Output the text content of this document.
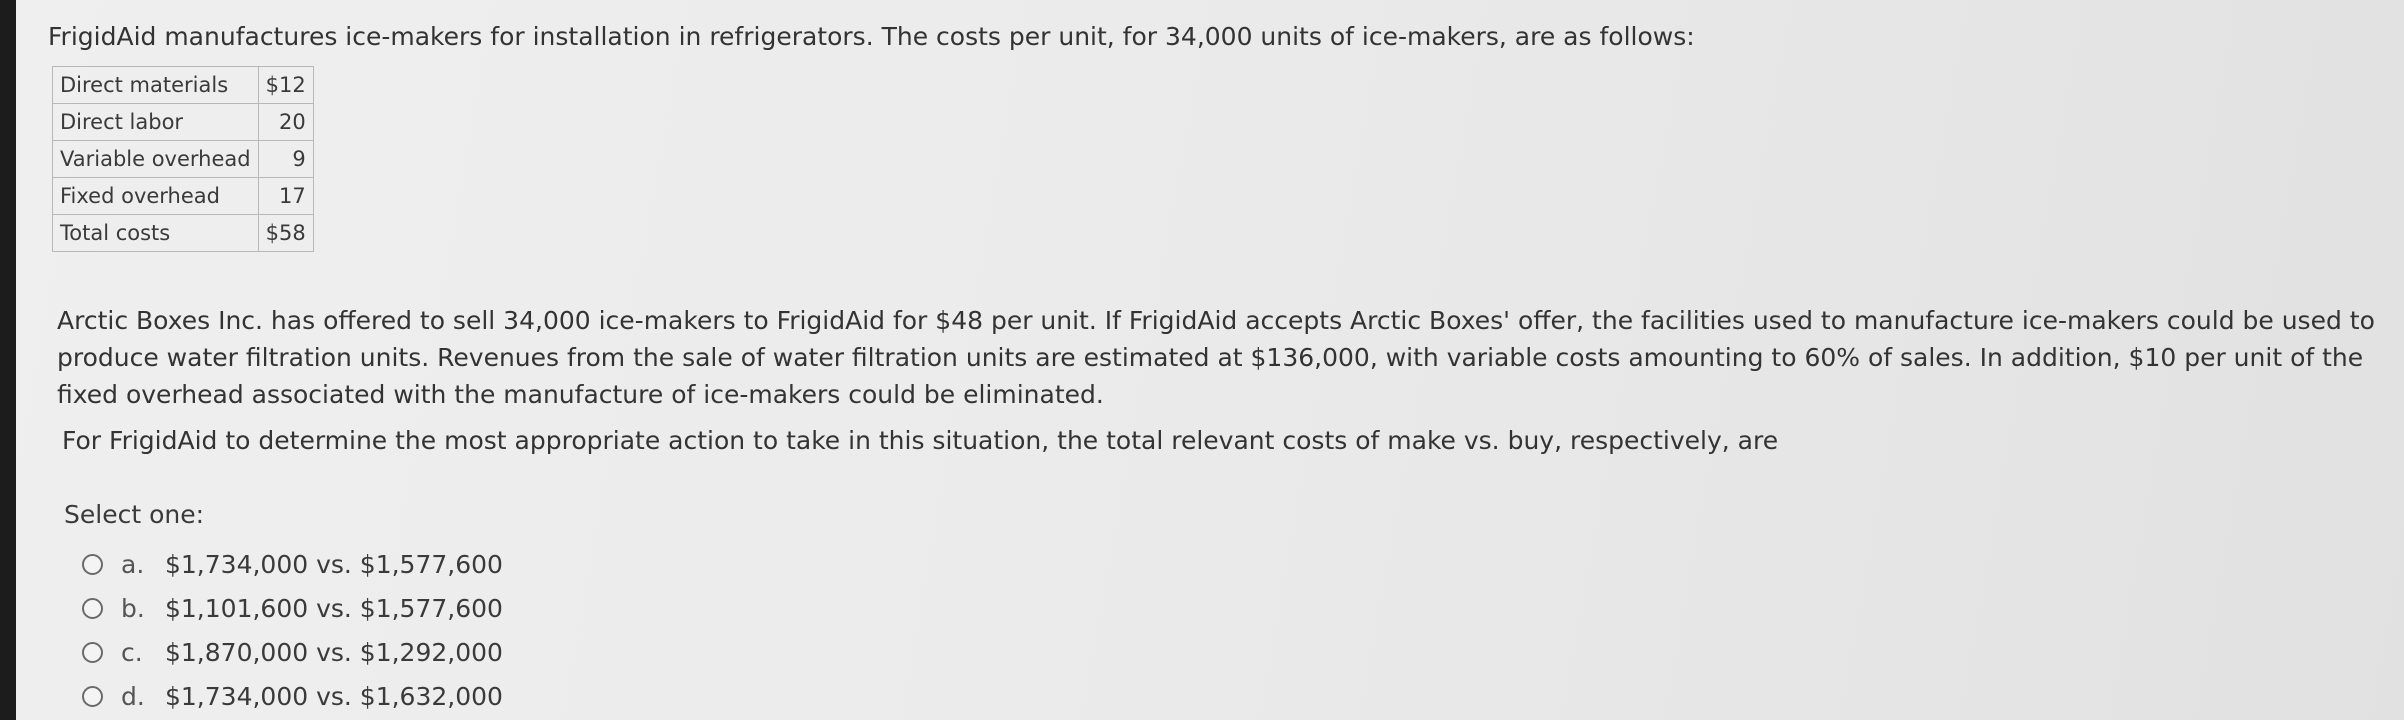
FrigidAid manufactures ice-makers for installation in refrigerators. The costs per unit, for 34,000 units of ice-makers, are as follows:
Direct materials	$12
Direct labor	20
Variable overhead	9
Fixed overhead	17
Total costs	$58
Arctic Boxes Inc. has offered to sell 34,000 ice-makers to FrigidAid for $48 per unit. If FrigidAid accepts Arctic Boxes' offer, the facilities used to manufacture ice-makers could be used to produce water filtration units. Revenues from the sale of water filtration units are estimated at $136,000, with variable costs amounting to 60% of sales. In addition, $10 per unit of the fixed overhead associated with the manufacture of ice-makers could be eliminated.
For FrigidAid to determine the most appropriate action to take in this situation, the total relevant costs of make vs. buy, respectively, are
Select one:
a. $1,734,000 vs. $1,577,600
b. $1,101,600 vs. $1,577,600
c. $1,870,000 vs. $1,292,000
d. $1,734,000 vs. $1,632,000
